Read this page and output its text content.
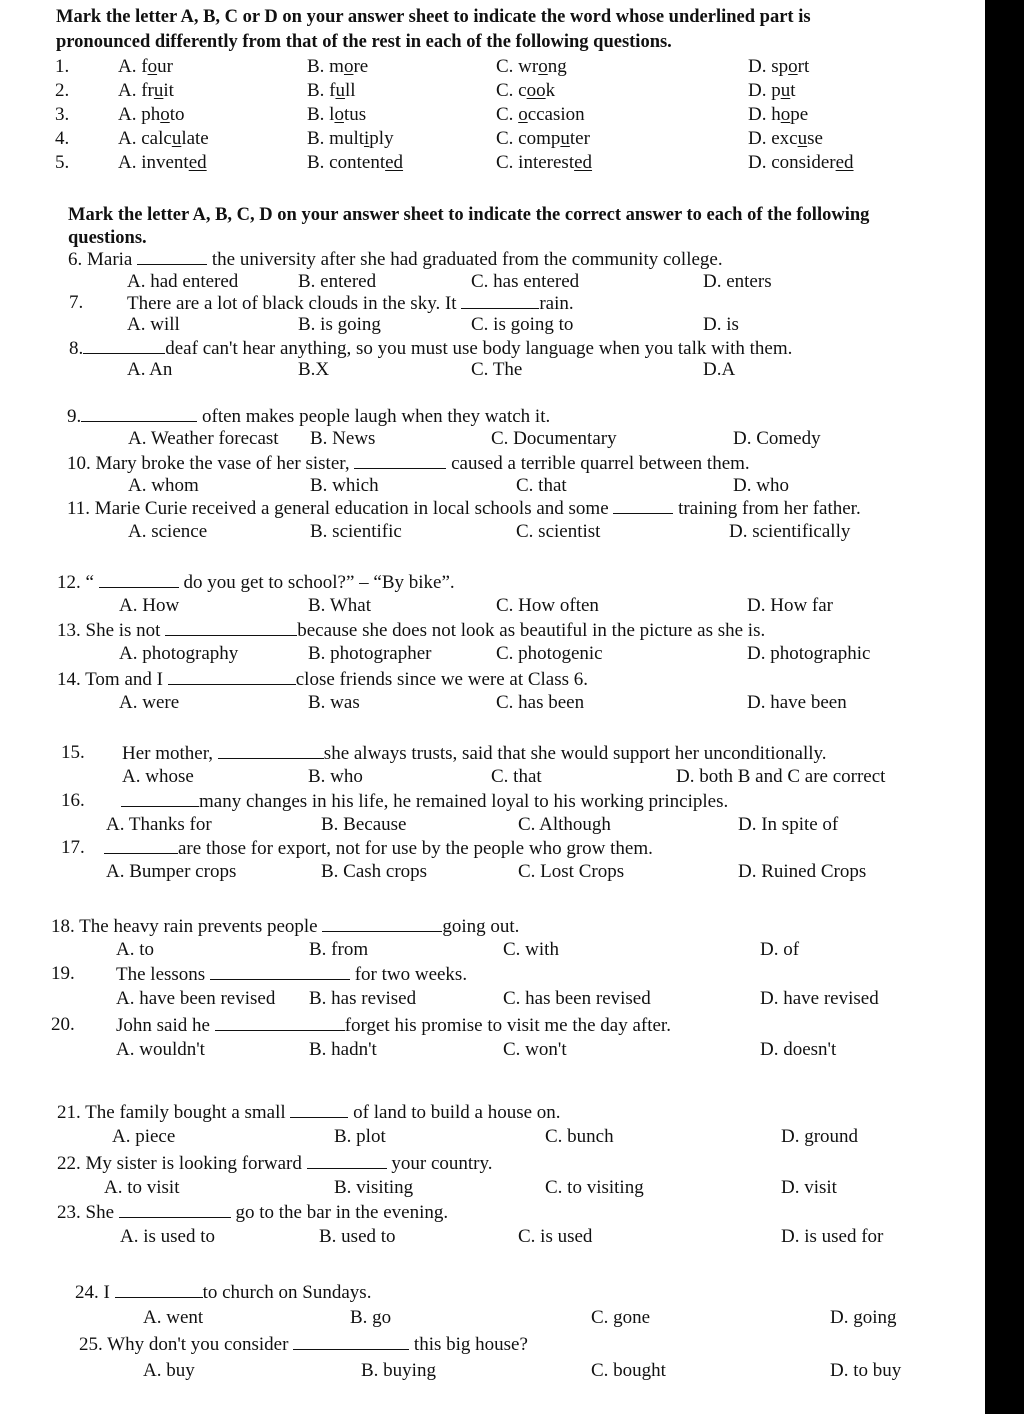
Mark the letter A, B, C or D on your answer sheet to indicate the word whose underlined part is
pronounced differently from that of the rest in each of the following questions.
1.	A. four	B. more	C. wrong	D. sport
2.	A. fruit	B. full	C. cook	D. put
3.	A. photo	B. lotus	C. occasion	D. hope
4.	A. calculate	B. multiply	C. computer	D. excuse
5.	A. invented	B. contented	C. interested	D. considered
Mark the letter A, B, C, D on your answer sheet to indicate the correct answer to each of the following
questions.
6. Maria	the university after she had graduated from the community college.
A. had entered	B. entered	C. has entered	D. enters
7. There are a lot of black clouds in the sky. It	rain.
A. will	B. is going	C. is going to	D. is
8.	deaf can't hear anything, so you must use body language when you talk with them.
A. An	B.X	C. The	D.A
9.	often makes people laugh when they watch it.
A. Weather forecast B. News	C. Documentary	D. Comedy
10. Mary broke the vase of her sister,	caused a terrible quarrel between them.
A. whom	B. which	C. that	D. who
11. Marie Curie received a general education in local schools and some	training from her father.
A. science	B. scientific	C. scientist	D. scientifically
12. “	do you get to school?” – “By bike”.
A. How	B. What	C. How often	D. How far
13. She is not	because she does not look as beautiful in the picture as she is.
A. photography	B. photographer	C. photogenic	D. photographic
14. Tom and I	close friends since we were at Class 6.
A. were	B. was	C. has been	D. have been
15. Her mother,	she always trusts, said that she would support her unconditionally.
A. whose	B. who	C. that	D. both B and C are correct
16.	many changes in his life, he remained loyal to his working principles.
A. Thanks for	B. Because	C. Although	D. In spite of
17.	are those for export, not for use by the people who grow them.
A. Bumper crops	B. Cash crops	C. Lost Crops	D. Ruined Crops
18. The heavy rain prevents people	going out.
A. to	B. from	C. with	D. of
19. The lessons	for two weeks.
A. have been revised B. has revised	C. has been revised	D. have revised
20. John said he	forget his promise to visit me the day after.
A. wouldn't	B. hadn't	C. won't	D. doesn't
21. The family bought a small	of land to build a house on.
A. piece	B. plot	C. bunch	D. ground
22. My sister is looking forward	your country.
A. to visit	B. visiting	C. to visiting	D. visit
23. She	go to the bar in the evening.
A. is used to	B. used to	C. is used	D. is used for
24. I	to church on Sundays.
A. went	B. go	C. gone	D. going
25. Why don't you consider	this big house?
A. buy	B. buying	C. bought	D. to buy
